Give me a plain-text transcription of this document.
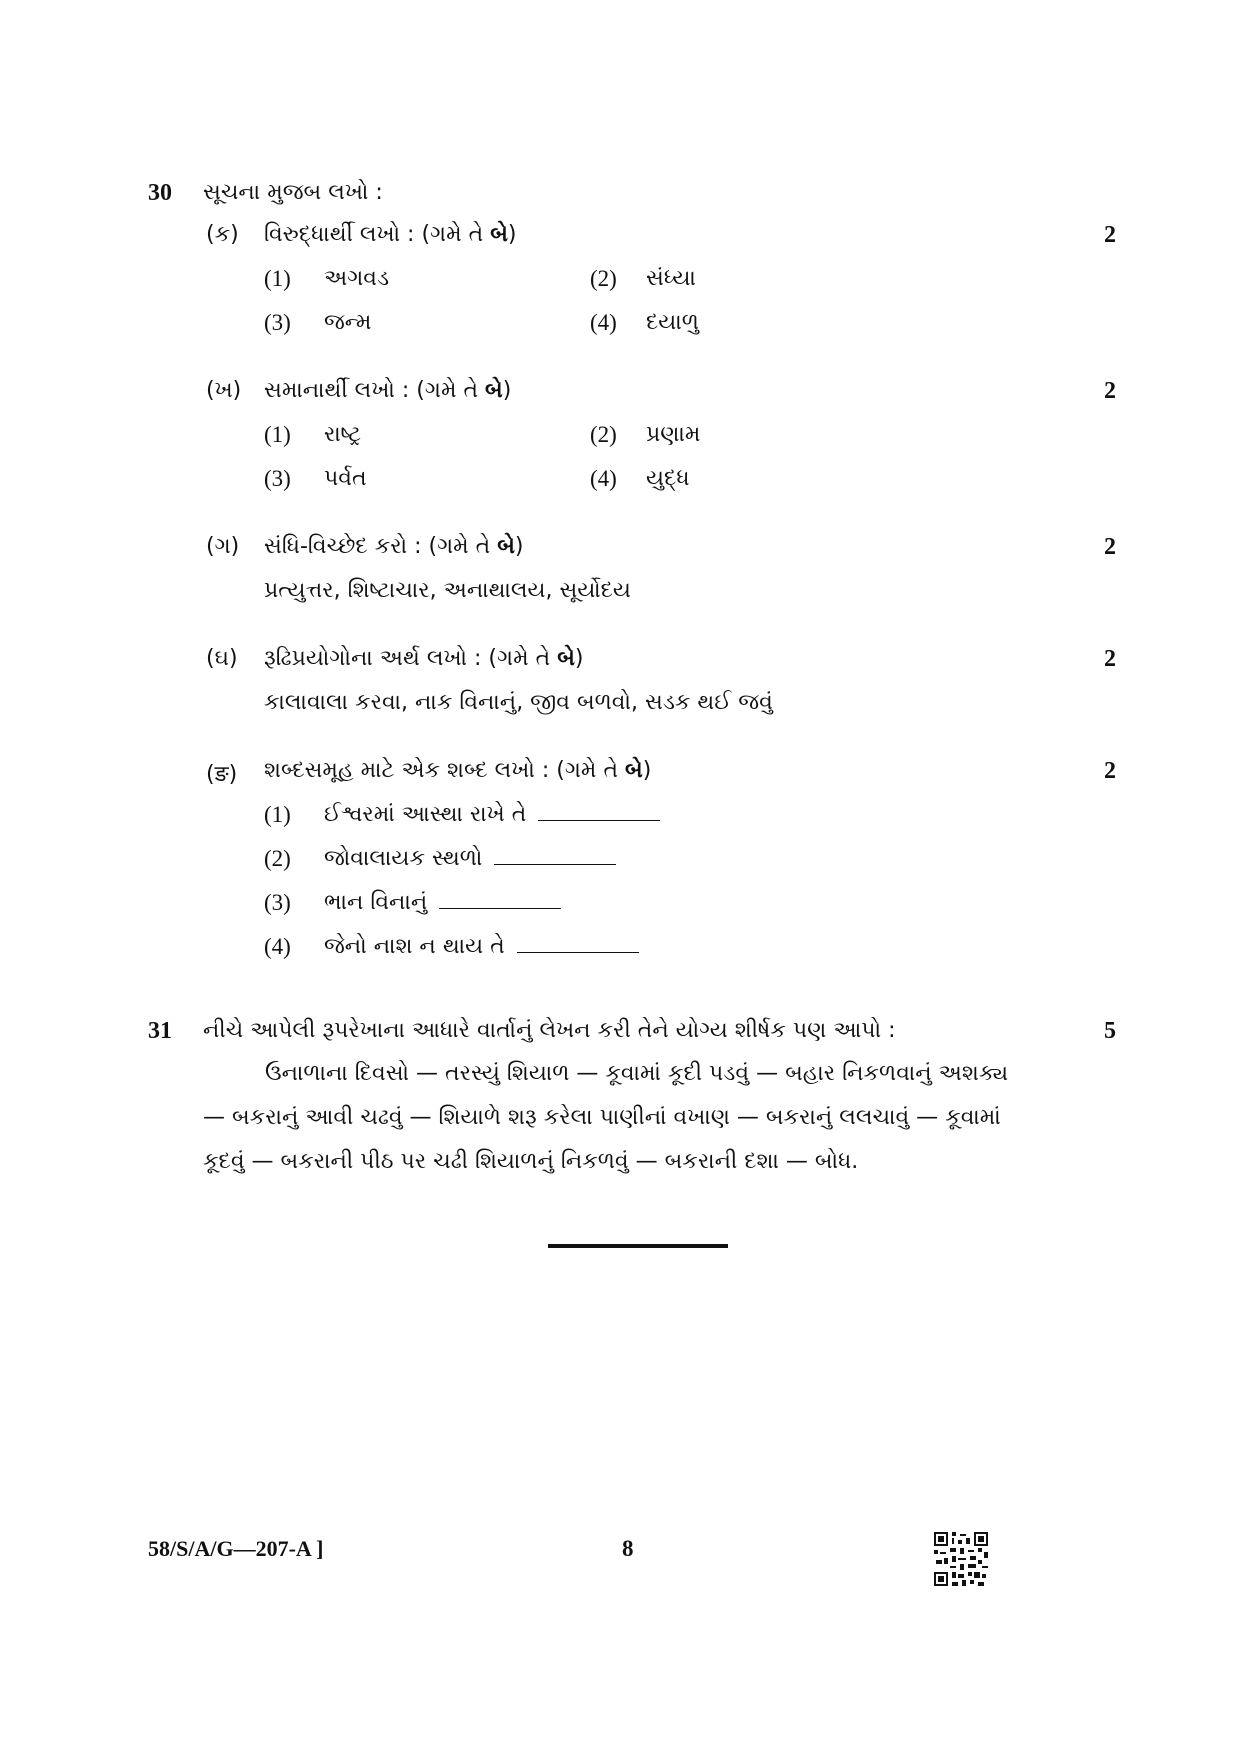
30 સૂચના મુજબ લખો :
(ક) વિરુદ્ધાર્થી લખો : (ગમે તે બે)	2
(1) અગવડ	(2) સંધ્યા
(3) જન્મ	(4) દયાળુ
(ખ) સમાનાર્થી લખો : (ગમે તે બે)	2
(1) રાષ્ટ્ર	(2) પ્રણામ
(3) પર્વત	(4) યુદ્ધ
(ગ) સંધિ-વિચ્છેદ કરો : (ગમે તે બે)	2
પ્રત્યુત્તર, શિષ્ટાચાર, અનાથાલય, સૂર્યોદય
(ઘ) રૂઢિપ્રયોગોના અર્થ લખો : (ગમે તે બે)	2
કાલાવાલા કરવા, નાક વિનાનું, જીવ બળવો, સડક થઈ જવું
(ङ) શબ્દસમૂહ માટે એક શબ્દ લખો : (ગમે તે બે)	2
(1) ઈશ્વરમાં આસ્થા રાખે તે
(2) જોવાલાયક સ્થળો
(3) ભાન વિનાનું
(4) જેનો નાશ ન થાય તે
31 નીચે આપેલી રૂપરેખાના આધારે વાર્તાનું લેખન કરી તેને યોગ્ય શીર્ષક પણ આપો :	5
ઉનાળાના દિવસો — તરસ્યું શિયાળ — કૂવામાં કૂદી પડવું — બહાર નિકળવાનું અશક્ય — બકરાનું આવી ચઢવું — શિયાળે શરૂ કરેલા પાણીનાં વખાણ — બકરાનું લલચાવું — કૂવામાં કૂદવું — બકરાની પીઠ પર ચઢી શિયાળનું નિકળવું — બકરાની દશા — બોધ.
58/S/A/G—207-A ]	8
